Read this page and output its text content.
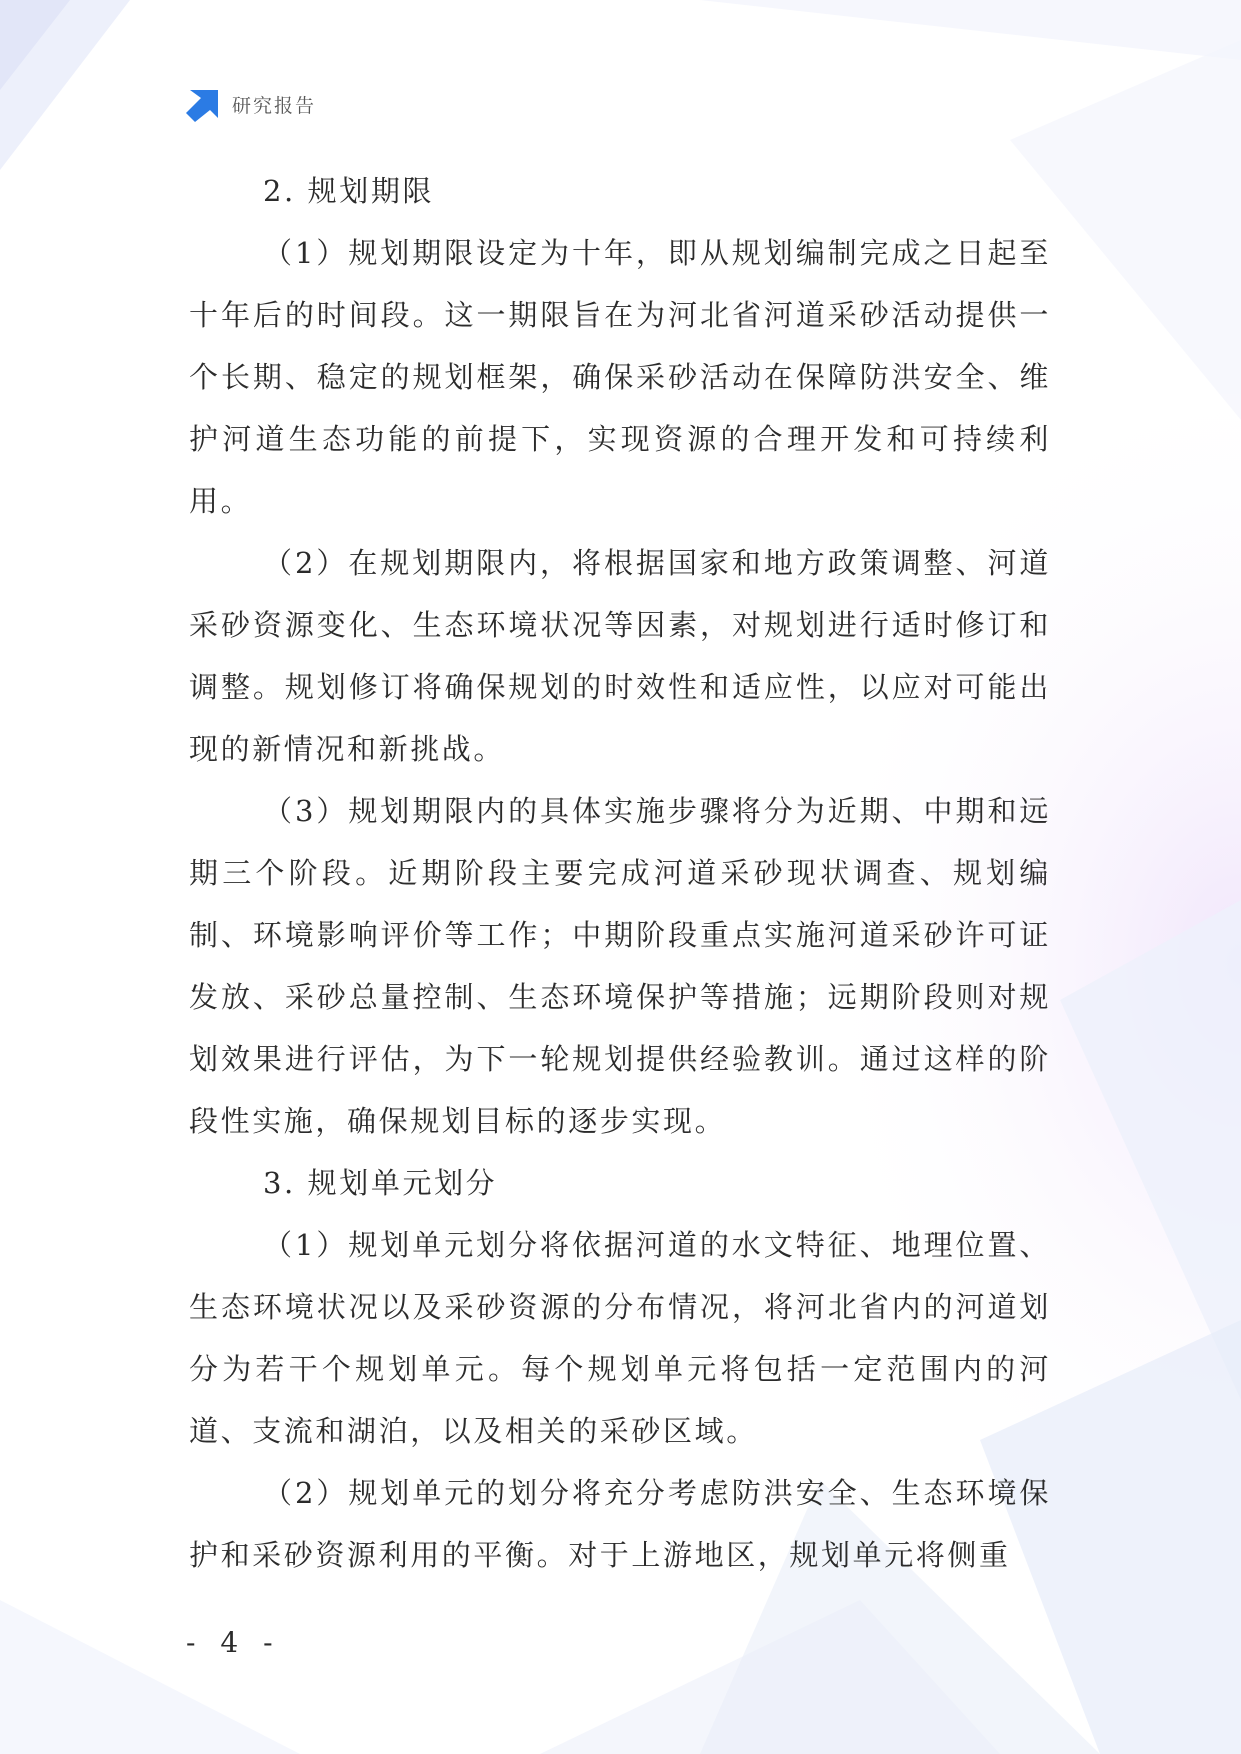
研究报告

2. 规划期限

（1）规划期限设定为十年，即从规划编制完成之日起至十年后的时间段。这一期限旨在为河北省河道采砂活动提供一个长期、稳定的规划框架，确保采砂活动在保障防洪安全、维护河道生态功能的前提下，实现资源的合理开发和可持续利用。

（2）在规划期限内，将根据国家和地方政策调整、河道采砂资源变化、生态环境状况等因素，对规划进行适时修订和调整。规划修订将确保规划的时效性和适应性，以应对可能出现的新情况和新挑战。

（3）规划期限内的具体实施步骤将分为近期、中期和远期三个阶段。近期阶段主要完成河道采砂现状调查、规划编制、环境影响评价等工作；中期阶段重点实施河道采砂许可证发放、采砂总量控制、生态环境保护等措施；远期阶段则对规划效果进行评估，为下一轮规划提供经验教训。通过这样的阶段性实施，确保规划目标的逐步实现。

3. 规划单元划分

（1）规划单元划分将依据河道的水文特征、地理位置、生态环境状况以及采砂资源的分布情况，将河北省内的河道划分为若干个规划单元。每个规划单元将包括一定范围内的河道、支流和湖泊，以及相关的采砂区域。

（2）规划单元的划分将充分考虑防洪安全、生态环境保护和采砂资源利用的平衡。对于上游地区，规划单元将侧重

- 4 -
